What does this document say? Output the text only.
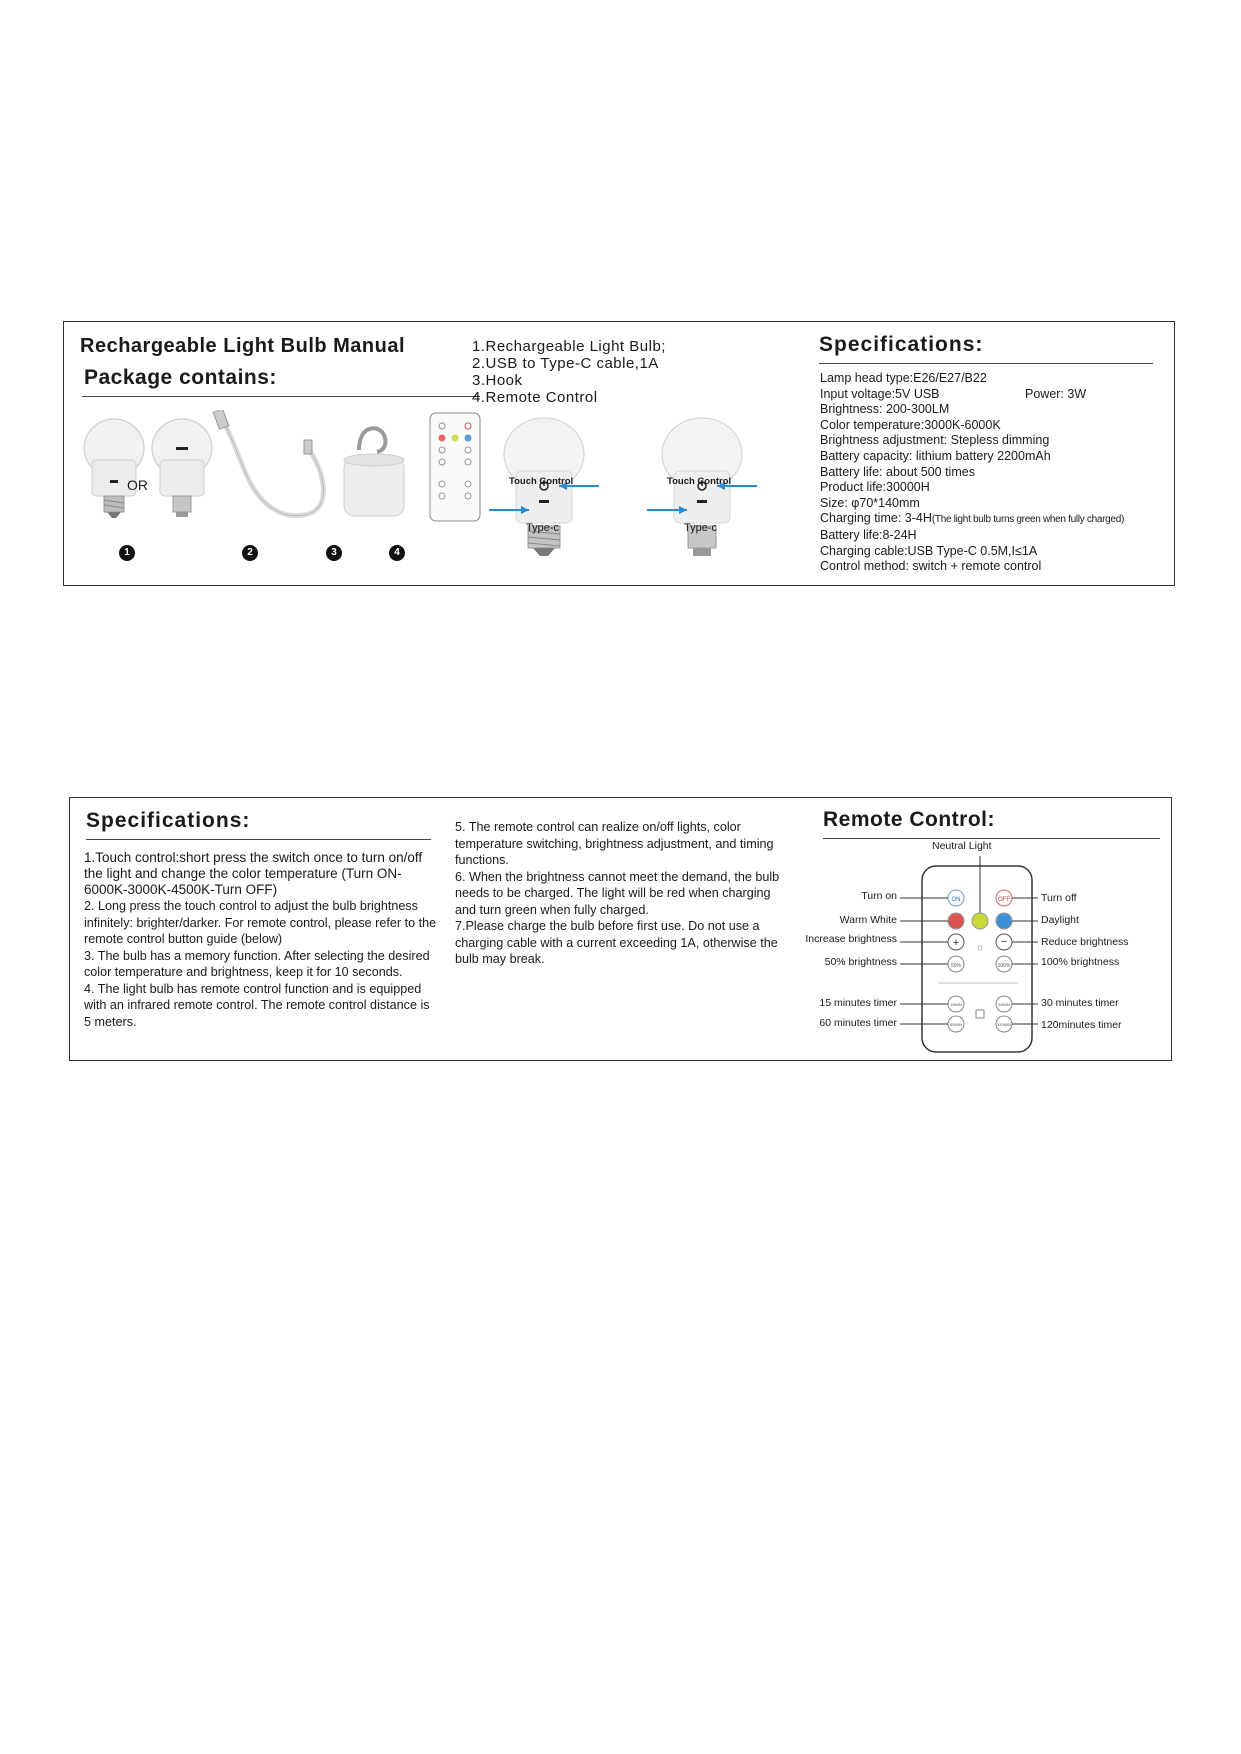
Rechargeable Light Bulb Manual
Package contains:
OR
1	2	3	4
1.Rechargeable Light Bulb;
2.USB to Type-C cable,1A
3.Hook
4.Remote Control
Touch Control	Touch Control
Type-c	Type-c
Specifications:
Lamp head type:E26/E27/B22
Input voltage:5V USB	Power: 3W
Brightness: 200-300LM
Color temperature:3000K-6000K
Brightness adjustment: Stepless dimming
Battery capacity: lithium battery 2200mAh
Battery life: about 500 times
Product life:30000H
Size: φ70*140mm
Charging time: 3-4H(The light bulb turns green when fully charged)
Battery life:8-24H
Charging cable:USB Type-C 0.5M,I≤1A
Control method: switch + remote control
Specifications:
1.Touch control:short press the switch once to turn on/off the light and change the color temperature (Turn ON-6000K-3000K-4500K-Turn OFF)
2. Long press the touch control to adjust the bulb brightness infinitely: brighter/darker. For remote control, please refer to the remote control button guide (below)
3. The bulb has a memory function. After selecting the desired color temperature and brightness, keep it for 10 seconds.
4. The light bulb has remote control function and is equipped with an infrared remote control. The remote control distance is 5 meters.
5. The remote control can realize on/off lights, color temperature switching, brightness adjustment, and timing functions.
6. When the brightness cannot meet the demand, the bulb needs to be charged. The light will be red when charging and turn green when fully charged.
7.Please charge the bulb before first use. Do not use a charging cable with a current exceeding 1A, otherwise the bulb may break.
Remote Control:
ON	OFF
+	−
☼
50%	100%
15MIN	30MIN
60MIN	120MIN
Neutral Light
Turn on	Turn off
Warm White	Daylight
Increase brightness	Reduce brightness
50% brightness	100% brightness
15 minutes timer	30 minutes timer
60 minutes timer	120minutes timer
